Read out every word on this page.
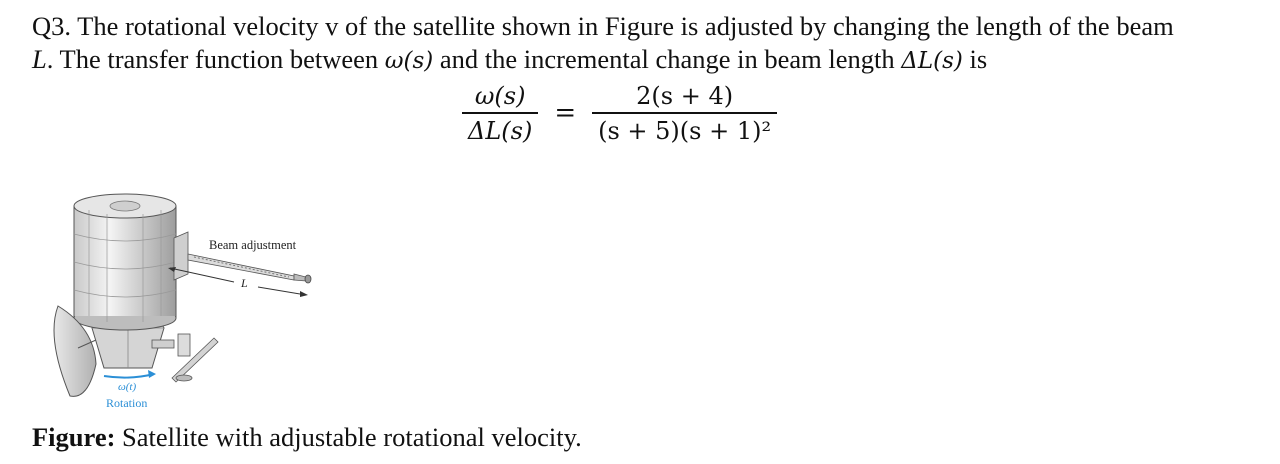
Q3. The rotational velocity v of the satellite shown in Figure is adjusted by changing the length of the beam
L. The transfer function between ω(s) and the incremental change in beam length ΔL(s) is
$\frac{\omega(s)}{\Delta L(s)} = \frac{2(s + 4)}{\text{(s + 5)(s + 1)²}}$
Beam adjustment
L
ω(t)
Rotation
Figure: Satellite with adjustable rotational velocity.
